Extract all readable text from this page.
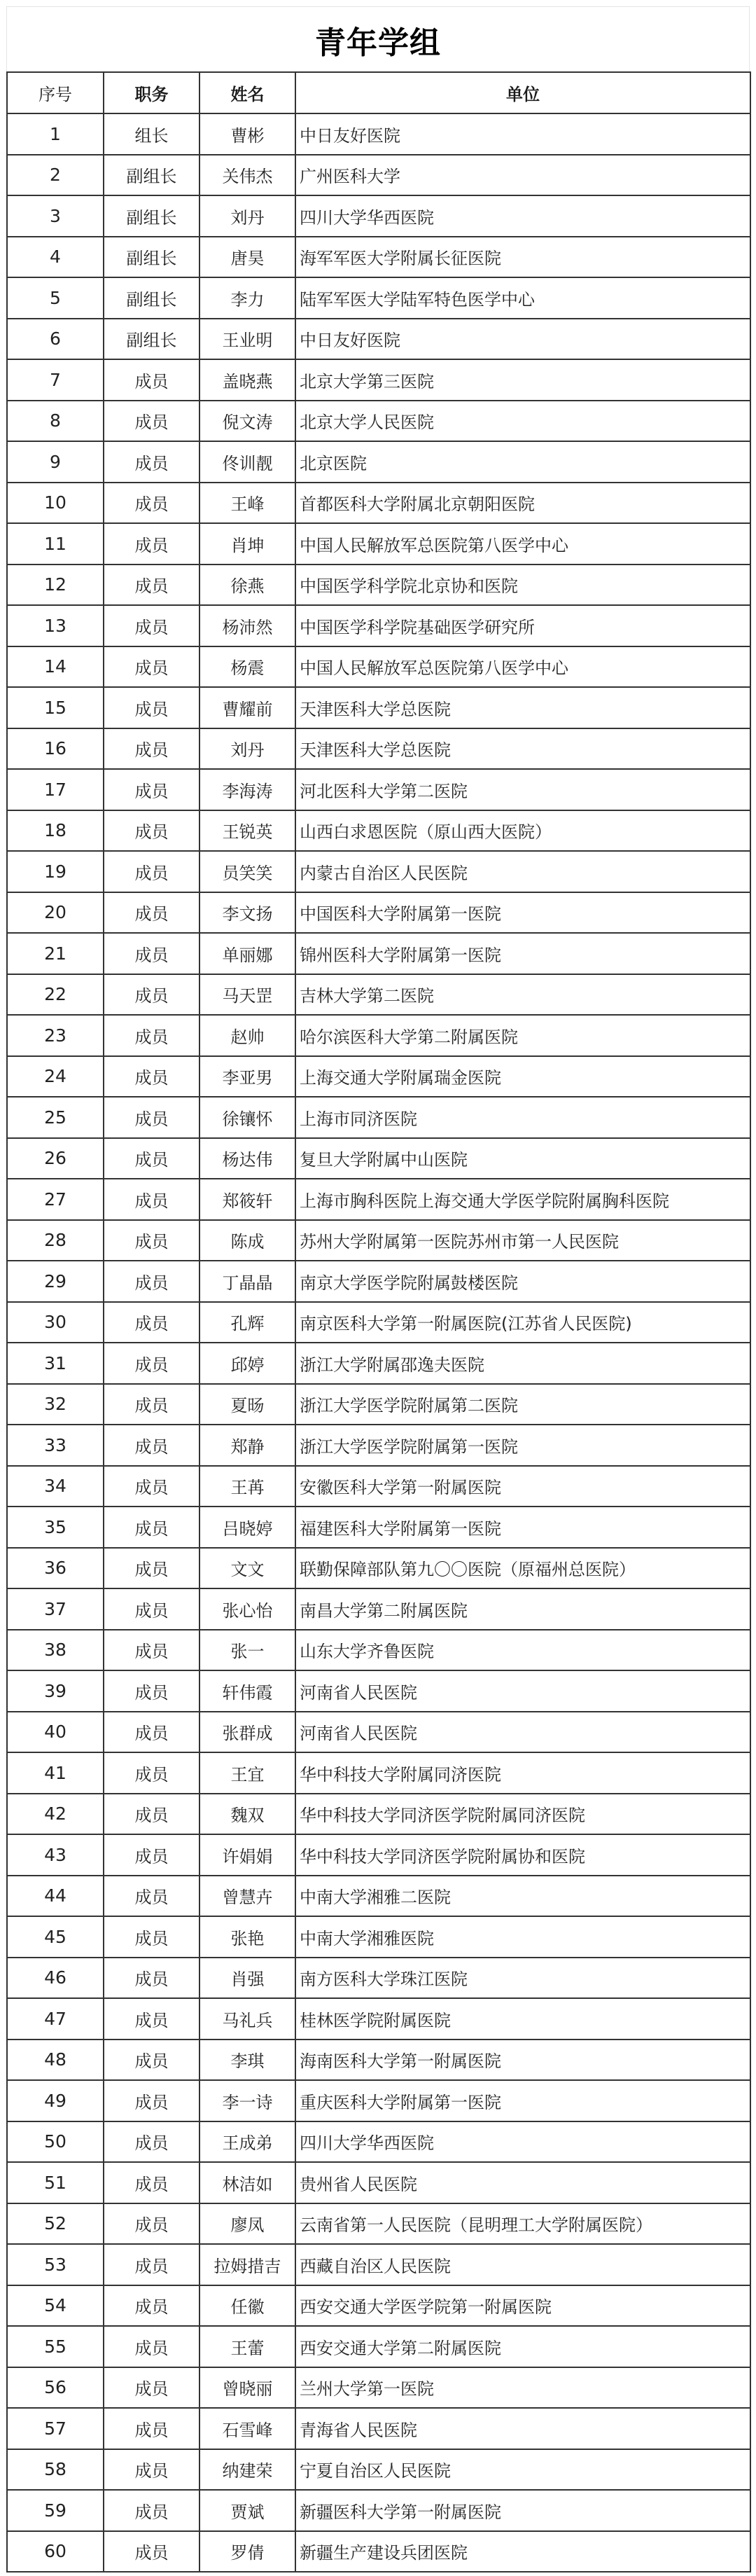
青年学组
序号	职务	姓名	单位
1	组长	曹彬	中日友好医院
2	副组长	关伟杰	广州医科大学
3	副组长	刘丹	四川大学华西医院
4	副组长	唐昊	海军军医大学附属长征医院
5	副组长	李力	陆军军医大学陆军特色医学中心
6	副组长	王业明	中日友好医院
7	成员	盖晓燕	北京大学第三医院
8	成员	倪文涛	北京大学人民医院
9	成员	佟训靓	北京医院
10	成员	王峰	首都医科大学附属北京朝阳医院
11	成员	肖坤	中国人民解放军总医院第八医学中心
12	成员	徐燕	中国医学科学院北京协和医院
13	成员	杨沛然	中国医学科学院基础医学研究所
14	成员	杨震	中国人民解放军总医院第八医学中心
15	成员	曹耀前	天津医科大学总医院
16	成员	刘丹	天津医科大学总医院
17	成员	李海涛	河北医科大学第二医院
18	成员	王锐英	山西白求恩医院（原山西大医院）
19	成员	员笑笑	内蒙古自治区人民医院
20	成员	李文扬	中国医科大学附属第一医院
21	成员	单丽娜	锦州医科大学附属第一医院
22	成员	马天罡	吉林大学第二医院
23	成员	赵帅	哈尔滨医科大学第二附属医院
24	成员	李亚男	上海交通大学附属瑞金医院
25	成员	徐镶怀	上海市同济医院
26	成员	杨达伟	复旦大学附属中山医院
27	成员	郑筱轩	上海市胸科医院上海交通大学医学院附属胸科医院
28	成员	陈成	苏州大学附属第一医院苏州市第一人民医院
29	成员	丁晶晶	南京大学医学院附属鼓楼医院
30	成员	孔辉	南京医科大学第一附属医院(江苏省人民医院)
31	成员	邱婷	浙江大学附属邵逸夫医院
32	成员	夏旸	浙江大学医学院附属第二医院
33	成员	郑静	浙江大学医学院附属第一医院
34	成员	王苒	安徽医科大学第一附属医院
35	成员	吕晓婷	福建医科大学附属第一医院
36	成员	文文	联勤保障部队第九〇〇医院（原福州总医院）
37	成员	张心怡	南昌大学第二附属医院
38	成员	张一	山东大学齐鲁医院
39	成员	轩伟霞	河南省人民医院
40	成员	张群成	河南省人民医院
41	成员	王宜	华中科技大学附属同济医院
42	成员	魏双	华中科技大学同济医学院附属同济医院
43	成员	许娟娟	华中科技大学同济医学院附属协和医院
44	成员	曾慧卉	中南大学湘雅二医院
45	成员	张艳	中南大学湘雅医院
46	成员	肖强	南方医科大学珠江医院
47	成员	马礼兵	桂林医学院附属医院
48	成员	李琪	海南医科大学第一附属医院
49	成员	李一诗	重庆医科大学附属第一医院
50	成员	王成弟	四川大学华西医院
51	成员	林洁如	贵州省人民医院
52	成员	廖凤	云南省第一人民医院（昆明理工大学附属医院）
53	成员	拉姆措吉	西藏自治区人民医院
54	成员	任徽	西安交通大学医学院第一附属医院
55	成员	王蕾	西安交通大学第二附属医院
56	成员	曾晓丽	兰州大学第一医院
57	成员	石雪峰	青海省人民医院
58	成员	纳建荣	宁夏自治区人民医院
59	成员	贾斌	新疆医科大学第一附属医院
60	成员	罗倩	新疆生产建设兵团医院
